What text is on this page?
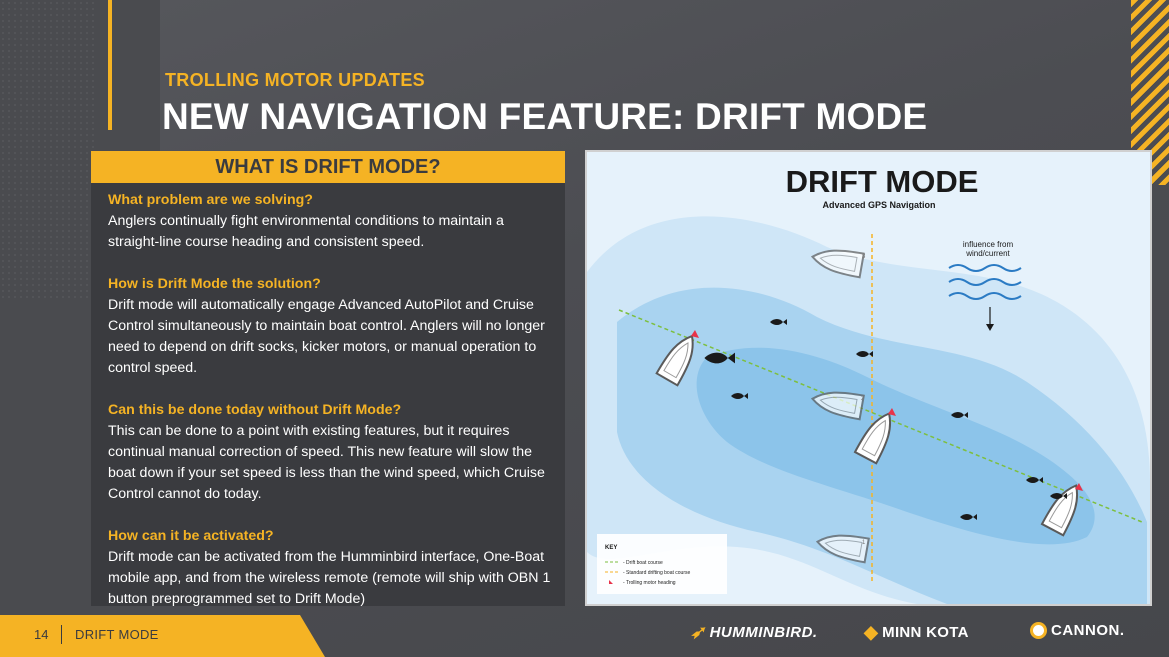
TROLLING MOTOR UPDATES
NEW NAVIGATION FEATURE: DRIFT MODE
WHAT IS DRIFT MODE?
What problem are we solving?
Anglers continually fight environmental conditions to maintain a straight-line course heading and consistent speed.
How is Drift Mode the solution?
Drift mode will automatically engage Advanced AutoPilot and Cruise Control simultaneously to maintain boat control. Anglers will no longer need to depend on drift socks, kicker motors, or manual operation to control speed.
Can this be done today without Drift Mode?
This can be done to a point with existing features, but it requires continual manual correction of speed. This new feature will slow the boat down if your set speed is less than the wind speed, which Cruise Control cannot do today.
How can it be activated?
Drift mode can be activated from the Humminbird interface, One-Boat mobile app, and from the wireless remote (remote will ship with OBN 1 button preprogrammed set to Drift Mode)
DRIFT MODE
Advanced GPS Navigation
influence from
wind/current
3
2
1
KEY
- Drift boat course
- Standard drifting boat course
- Trolling motor heading
14 DRIFT MODE	➶ HUMMINBIRD.	◆ MINN KOTA	CANNON.
